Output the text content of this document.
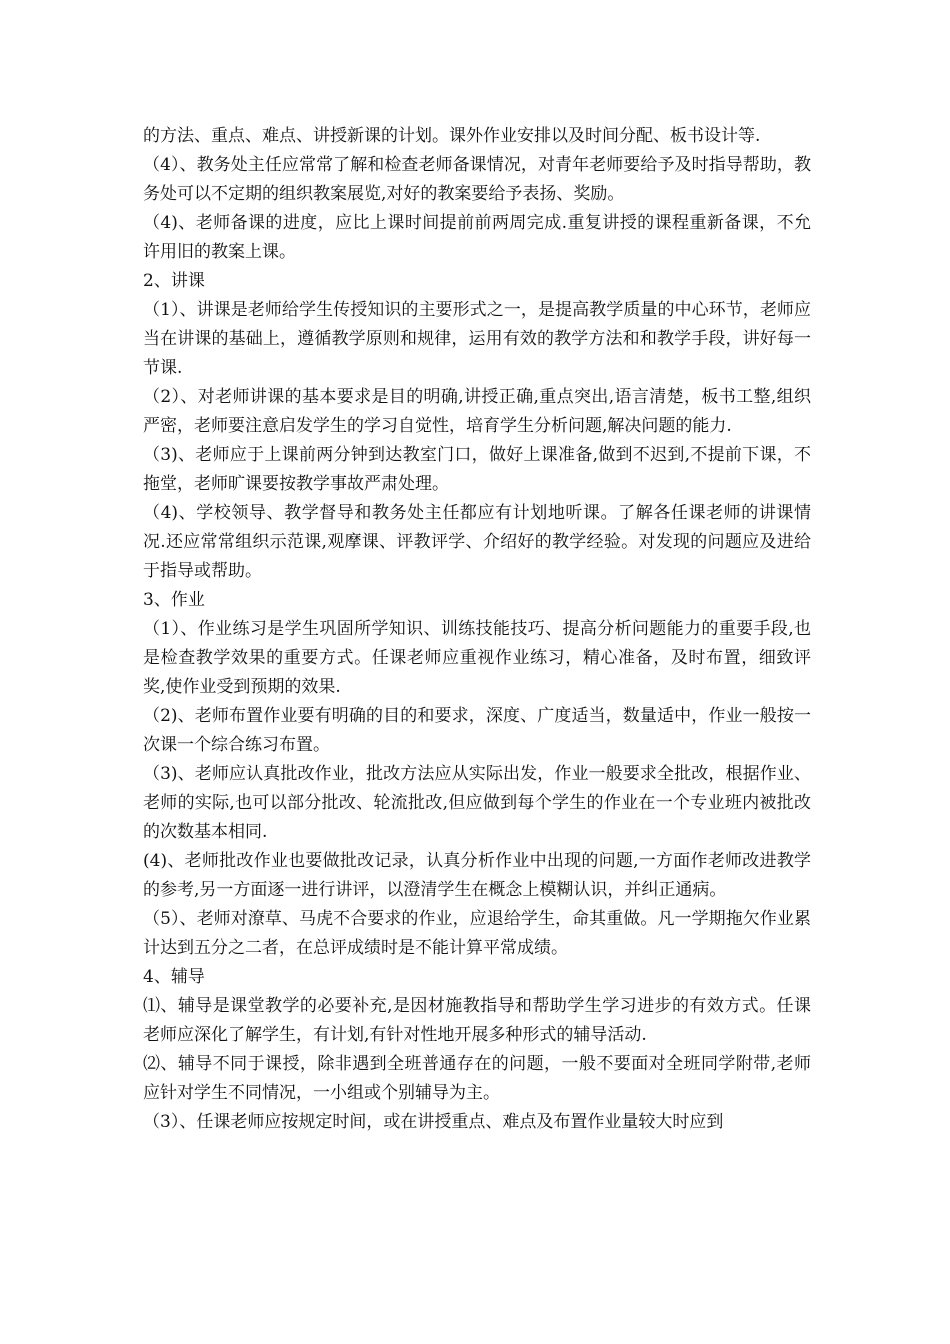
的方法、重点、难点、讲授新课的计划。课外作业安排以及时间分配、板书设计等.

（4）、教务处主任应常常了解和检查老师备课情况，对青年老师要给予及时指导帮助，教务处可以不定期的组织教案展览,对好的教案要给予表扬、奖励。

（4)、老师备课的进度，应比上课时间提前前两周完成.重复讲授的课程重新备课，不允许用旧的教案上课。

2、讲课

（1）、讲课是老师给学生传授知识的主要形式之一，是提高教学质量的中心环节，老师应当在讲课的基础上，遵循教学原则和规律，运用有效的教学方法和和教学手段，讲好每一节课.

（2）、对老师讲课的基本要求是目的明确,讲授正确,重点突出,语言清楚，板书工整,组织严密，老师要注意启发学生的学习自觉性，培育学生分析问题,解决问题的能力.

（3)、老师应于上课前两分钟到达教室门口，做好上课准备,做到不迟到,不提前下课，不拖堂，老师旷课要按教学事故严肃处理。

（4)、学校领导、教学督导和教务处主任都应有计划地听课。了解各任课老师的讲课情况.还应常常组织示范课,观摩课、评教评学、介绍好的教学经验。对发现的问题应及进给于指导或帮助。

3、作业

（1）、作业练习是学生巩固所学知识、训练技能技巧、提高分析问题能力的重要手段,也是检查教学效果的重要方式。任课老师应重视作业练习，精心准备，及时布置，细致评奖,使作业受到预期的效果.

（2)、老师布置作业要有明确的目的和要求，深度、广度适当，数量适中，作业一般按一次课一个综合练习布置。

（3)、老师应认真批改作业，批改方法应从实际出发，作业一般要求全批改，根据作业、老师的实际,也可以部分批改、轮流批改,但应做到每个学生的作业在一个专业班内被批改的次数基本相同.

(4)、老师批改作业也要做批改记录，认真分析作业中出现的问题,一方面作老师改进教学的参考,另一方面逐一进行讲评，以澄清学生在概念上模糊认识，并纠正通病。

（5）、老师对潦草、马虎不合要求的作业，应退给学生，命其重做。凡一学期拖欠作业累计达到五分之二者，在总评成绩时是不能计算平常成绩。

4、辅导

⑴、辅导是课堂教学的必要补充,是因材施教指导和帮助学生学习进步的有效方式。任课老师应深化了解学生，有计划,有针对性地开展多种形式的辅导活动.

⑵、辅导不同于课授，除非遇到全班普通存在的问题，一般不要面对全班同学附带,老师应针对学生不同情况，一小组或个别辅导为主。

（3）、任课老师应按规定时间，或在讲授重点、难点及布置作业量较大时应到
